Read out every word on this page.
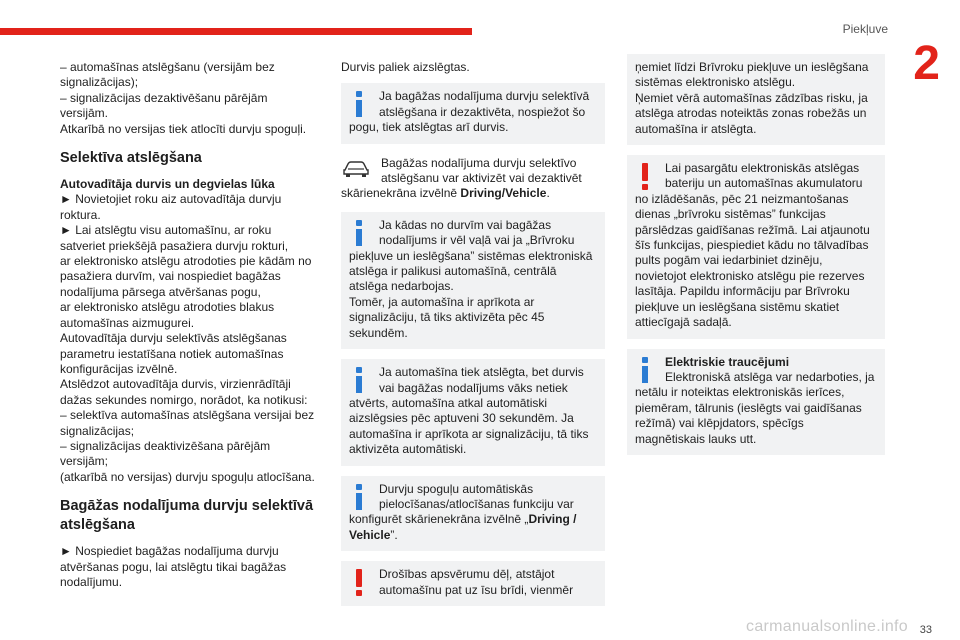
Piekļuve
2

– automašīnas atslēgšanu (versijām bez signalizācijas);

– signalizācijas dezaktivēšanu pārējām versijām.

Atkarībā no versijas tiek atlocīti durvju spoguļi.

Selektīva atslēgšana

Autovadītāja durvis un degvielas lūka

► Novietojiet roku aiz autovadītāja durvju roktura.

► Lai atslēgtu visu automašīnu, ar roku satveriet priekšējā pasažiera durvju rokturi,

ar elektronisko atslēgu atrodoties pie kādām no pasažiera durvīm, vai nospiediet bagāžas nodalījuma pārsega atvēršanas pogu,

ar elektronisko atslēgu atrodoties blakus automašīnas aizmugurei.

Autovadītāja durvju selektīvās atslēgšanas parametru iestatīšana notiek automašīnas konfigurācijas izvēlnē.

Atslēdzot autovadītāja durvis, virzienrādītāji dažas sekundes nomirgo, norādot, ka notikusi:

– selektīva automašīnas atslēgšana versijai bez signalizācijas;

– signalizācijas deaktivizēšana pārējām versijām;

(atkarībā no versijas) durvju spoguļu atlocīšana.

Bagāžas nodalījuma durvju selektīvā atslēgšana

► Nospiediet bagāžas nodalījuma durvju atvēršanas pogu, lai atslēgtu tikai bagāžas nodalījumu.

Durvis paliek aizslēgtas.

Ja bagāžas nodalījuma durvju selektīvā atslēgšana ir dezaktivēta, nospiežot šo pogu, tiek atslēgtas arī durvis.

Bagāžas nodalījuma durvju selektīvo atslēgšanu var aktivizēt vai dezaktivēt skārienekrāna izvēlnē Driving/Vehicle.

Ja kādas no durvīm vai bagāžas nodalījums ir vēl vaļā vai ja „Brīvroku piekļuve un ieslēgšana” sistēmas elektroniskā atslēga ir palikusi automašīnā, centrālā atslēga nedarbojas.

Tomēr, ja automašīna ir aprīkota ar signalizāciju, tā tiks aktivizēta pēc 45 sekundēm.

Ja automašīna tiek atslēgta, bet durvis vai bagāžas nodalījums vāks netiek atvērts, automašīna atkal automātiski aizslēgsies pēc aptuveni 30 sekundēm. Ja automašīna ir aprīkota ar signalizāciju, tā tiks aktivizēta automātiski.

Durvju spoguļu automātiskās pielocīšanas/atlocīšanas funkciju var konfigurēt skārienekrāna izvēlnē „Driving / Vehicle”.

Drošības apsvērumu dēļ, atstājot automašīnu pat uz īsu brīdi, vienmēr

ņemiet līdzi Brīvroku piekļuve un ieslēgšana sistēmas elektronisko atslēgu.

Ņemiet vērā automašīnas zādzības risku, ja atslēga atrodas noteiktās zonas robežās un automašīna ir atslēgta.

Lai pasargātu elektroniskās atslēgas bateriju un automašīnas akumulatoru no izlādēšanās, pēc 21 neizmantošanas dienas „brīvroku sistēmas” funkcijas pārslēdzas gaidīšanas režīmā. Lai atjaunotu šīs funkcijas, piespiediet kādu no tālvadības pults pogām vai iedarbiniet dzinēju, novietojot elektronisko atslēgu pie rezerves lasītāja. Papildu informāciju par Brīvroku piekļuve un ieslēgšana sistēmu skatiet attiecīgajā sadaļā.

Elektriskie traucējumi

Elektroniskā atslēga var nedarboties, ja netālu ir noteiktas elektroniskās ierīces, piemēram, tālrunis (ieslēgts vai gaidīšanas režīmā) vai klēpjdators, spēcīgs magnētiskais lauks utt.

carmanualsonline.info 33
